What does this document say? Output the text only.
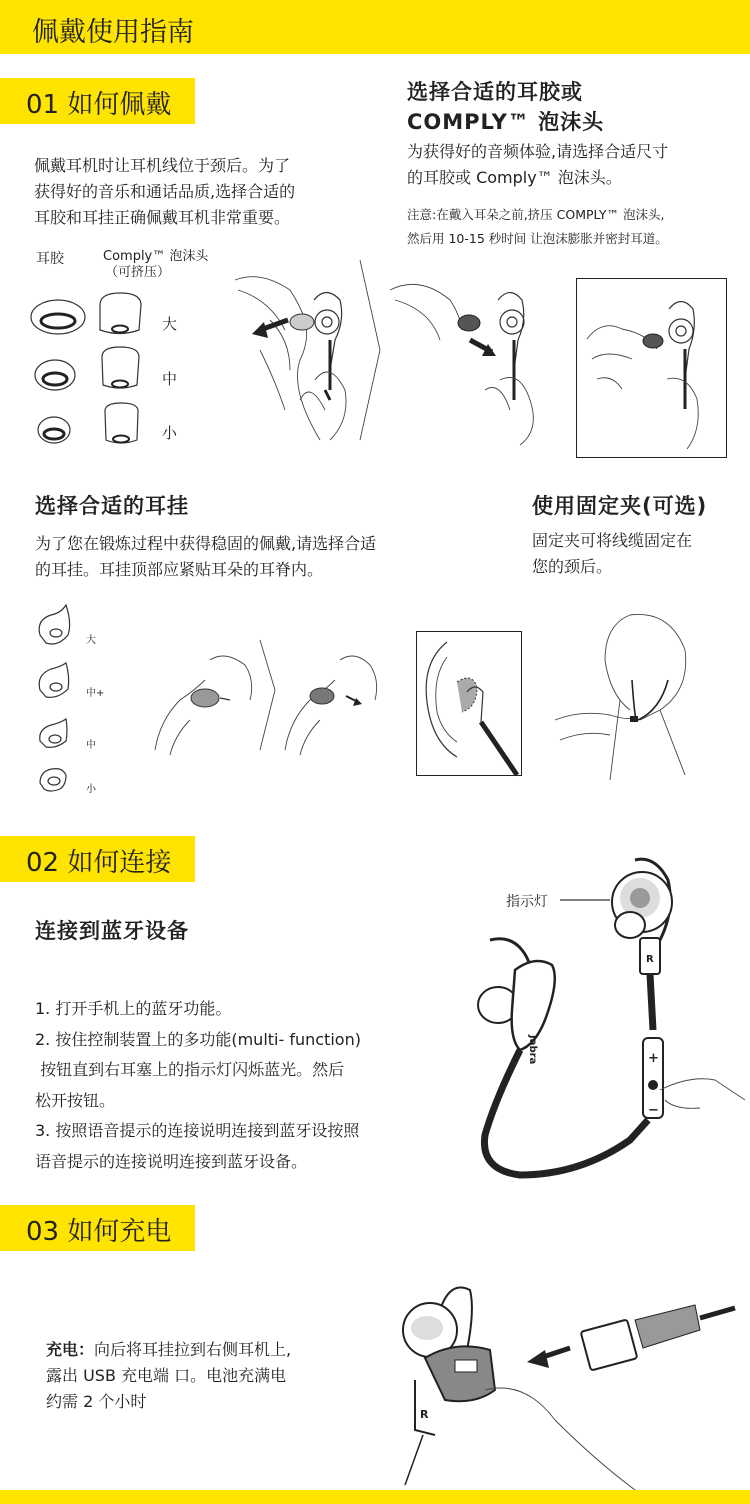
佩戴使用指南
01 如何佩戴
佩戴耳机时让耳机线位于颈后。为了
获得好的音乐和通话品质,选择合适的
耳胶和耳挂正确佩戴耳机非常重要。
选择合适的耳胶或
COMPLY™ 泡沫头
为获得好的音频体验,请选择合适尺寸
的耳胶或 Comply™ 泡沫头。
注意:在戴入耳朵之前,挤压 COMPLY™ 泡沫头,
然后用 10-15 秒时间 让泡沫膨胀并密封耳道。
耳胶	Comply™ 泡沫头
（可挤压）
大
中
小
选择合适的耳挂
为了您在锻炼过程中获得稳固的佩戴,请选择合适
的耳挂。耳挂顶部应紧贴耳朵的耳脊内。
使用固定夹(可选)
固定夹可将线缆固定在
您的颈后。
大
中+
中
小
02 如何连接
连接到蓝牙设备
1. 打开手机上的蓝牙功能。
2. 按住控制装置上的多功能(multi- function)
按钮直到右耳塞上的指示灯闪烁蓝光。然后
松开按钮。
3. 按照语音提示的连接说明连接到蓝牙设按照
语音提示的连接说明连接到蓝牙设备。
指示灯
R
Jabra	+
−
03 如何充电
充电：向后将耳挂拉到右侧耳机上,
露出 USB 充电端 口。电池充满电
约需 2 个小时
R
